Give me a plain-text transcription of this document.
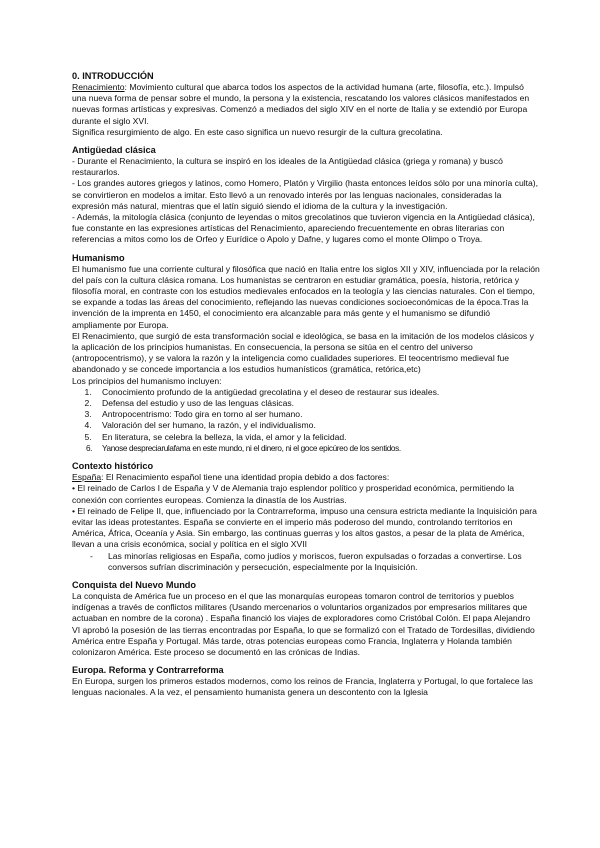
0. INTRODUCCIÓN

Renacimiento: Movimiento cultural que abarca todos los aspectos de la actividad humana (arte, filosofía, etc.). Impulsó una nueva forma de pensar sobre el mundo, la persona y la existencia, rescatando los valores clásicos manifestados en nuevas formas artísticas y expresivas. Comenzó a mediados del siglo XIV en el norte de Italia y se extendió por Europa durante el siglo XVI.

Significa resurgimiento de algo. En este caso significa un nuevo resurgir de la cultura grecolatina.

Antigüedad clásica

- Durante el Renacimiento, la cultura se inspiró en los ideales de la Antigüedad clásica (griega y romana) y buscó restaurarlos.

- Los grandes autores griegos y latinos, como Homero, Platón y Virgilio (hasta entonces leídos sólo por una minoría culta), se convirtieron en modelos a imitar. Esto llevó a un renovado interés por las lenguas nacionales, consideradas la expresión más natural, mientras que el latín siguió siendo el idioma de la cultura y la investigación.

- Además, la mitología clásica (conjunto de leyendas o mitos grecolatinos que tuvieron vigencia en la Antigüedad clásica), fue constante en las expresiones artísticas del Renacimiento, apareciendo frecuentemente en obras literarias con referencias a mitos como los de Orfeo y Eurídice o Apolo y Dafne, y lugares como el monte Olimpo o Troya.

Humanismo

El humanismo fue una corriente cultural y filosófica que nació en Italia entre los siglos XII y XIV, influenciada por la relación del país con la cultura clásica romana. Los humanistas se centraron en estudiar gramática, poesía, historia, retórica y filosofía moral, en contraste con los estudios medievales enfocados en la teología y las ciencias naturales. Con el tiempo, se expande a todas las áreas del conocimiento, reflejando las nuevas condiciones socioeconómicas de la época.Tras la invención de la imprenta en 1450, el conocimiento era alcanzable para más gente y el humanismo se difundió ampliamente por Europa.

El Renacimiento, que surgió de esta transformación social e ideológica, se basa en la imitación de los modelos clásicos y la aplicación de los principios humanistas. En consecuencia, la persona se sitúa en el centro del universo (antropocentrismo), y se valora la razón y la inteligencia como cualidades superiores. El teocentrismo medieval fue abandonado y se concede importancia a los estudios humanísticos (gramática, retórica,etc)

Los principios del humanismo incluyen:

1. Conocimiento profundo de la antigüedad grecolatina y el deseo de restaurar sus ideales.
2. Defensa del estudio y uso de las lenguas clásicas.
3. Antropocentrismo: Todo gira en torno al ser humano.
4. Valoración del ser humano, la razón, y el individualismo.
5. En literatura, se celebra la belleza, la vida, el amor y la felicidad.
6. Yanose despreciarulafama en este mundo, ni el dinero, ni el goce epicúreo de los sentidos.
Contexto histórico

España: El Renacimiento español tiene una identidad propia debido a dos factores:

• El reinado de Carlos I de España y V de Alemania trajo esplendor político y prosperidad económica, permitiendo la conexión con corrientes europeas. Comienza la dinastía de los Austrias.

• El reinado de Felipe II, que, influenciado por la Contrarreforma, impuso una censura estricta mediante la Inquisición para evitar las ideas protestantes. España se convierte en el imperio más poderoso del mundo, controlando territorios en América, África, Oceanía y Asia. Sin embargo, las continuas guerras y los altos gastos, a pesar de la plata de América, llevan a una crisis económica, social y política en el siglo XVII

- Las minorías religiosas en España, como judíos y moriscos, fueron expulsadas o forzadas a convertirse. Los conversos sufrían discriminación y persecución, especialmente por la Inquisición.
Conquista del Nuevo Mundo

La conquista de América fue un proceso en el que las monarquías europeas tomaron control de territorios y pueblos indígenas a través de conflictos militares (Usando mercenarios o voluntarios organizados por empresarios militares que actuaban en nombre de la corona) . España financió los viajes de exploradores como Cristóbal Colón. El papa Alejandro VI aprobó la posesión de las tierras encontradas por España, lo que se formalizó con el Tratado de Tordesillas, dividiendo América entre España y Portugal. Más tarde, otras potencias europeas como Francia, Inglaterra y Holanda también colonizaron América. Este proceso se documentó en las crónicas de Indias.

Europa. Reforma y Contrarreforma

En Europa, surgen los primeros estados modernos, como los reinos de Francia, Inglaterra y Portugal, lo que fortalece las lenguas nacionales. A la vez, el pensamiento humanista genera un descontento con la Iglesia
